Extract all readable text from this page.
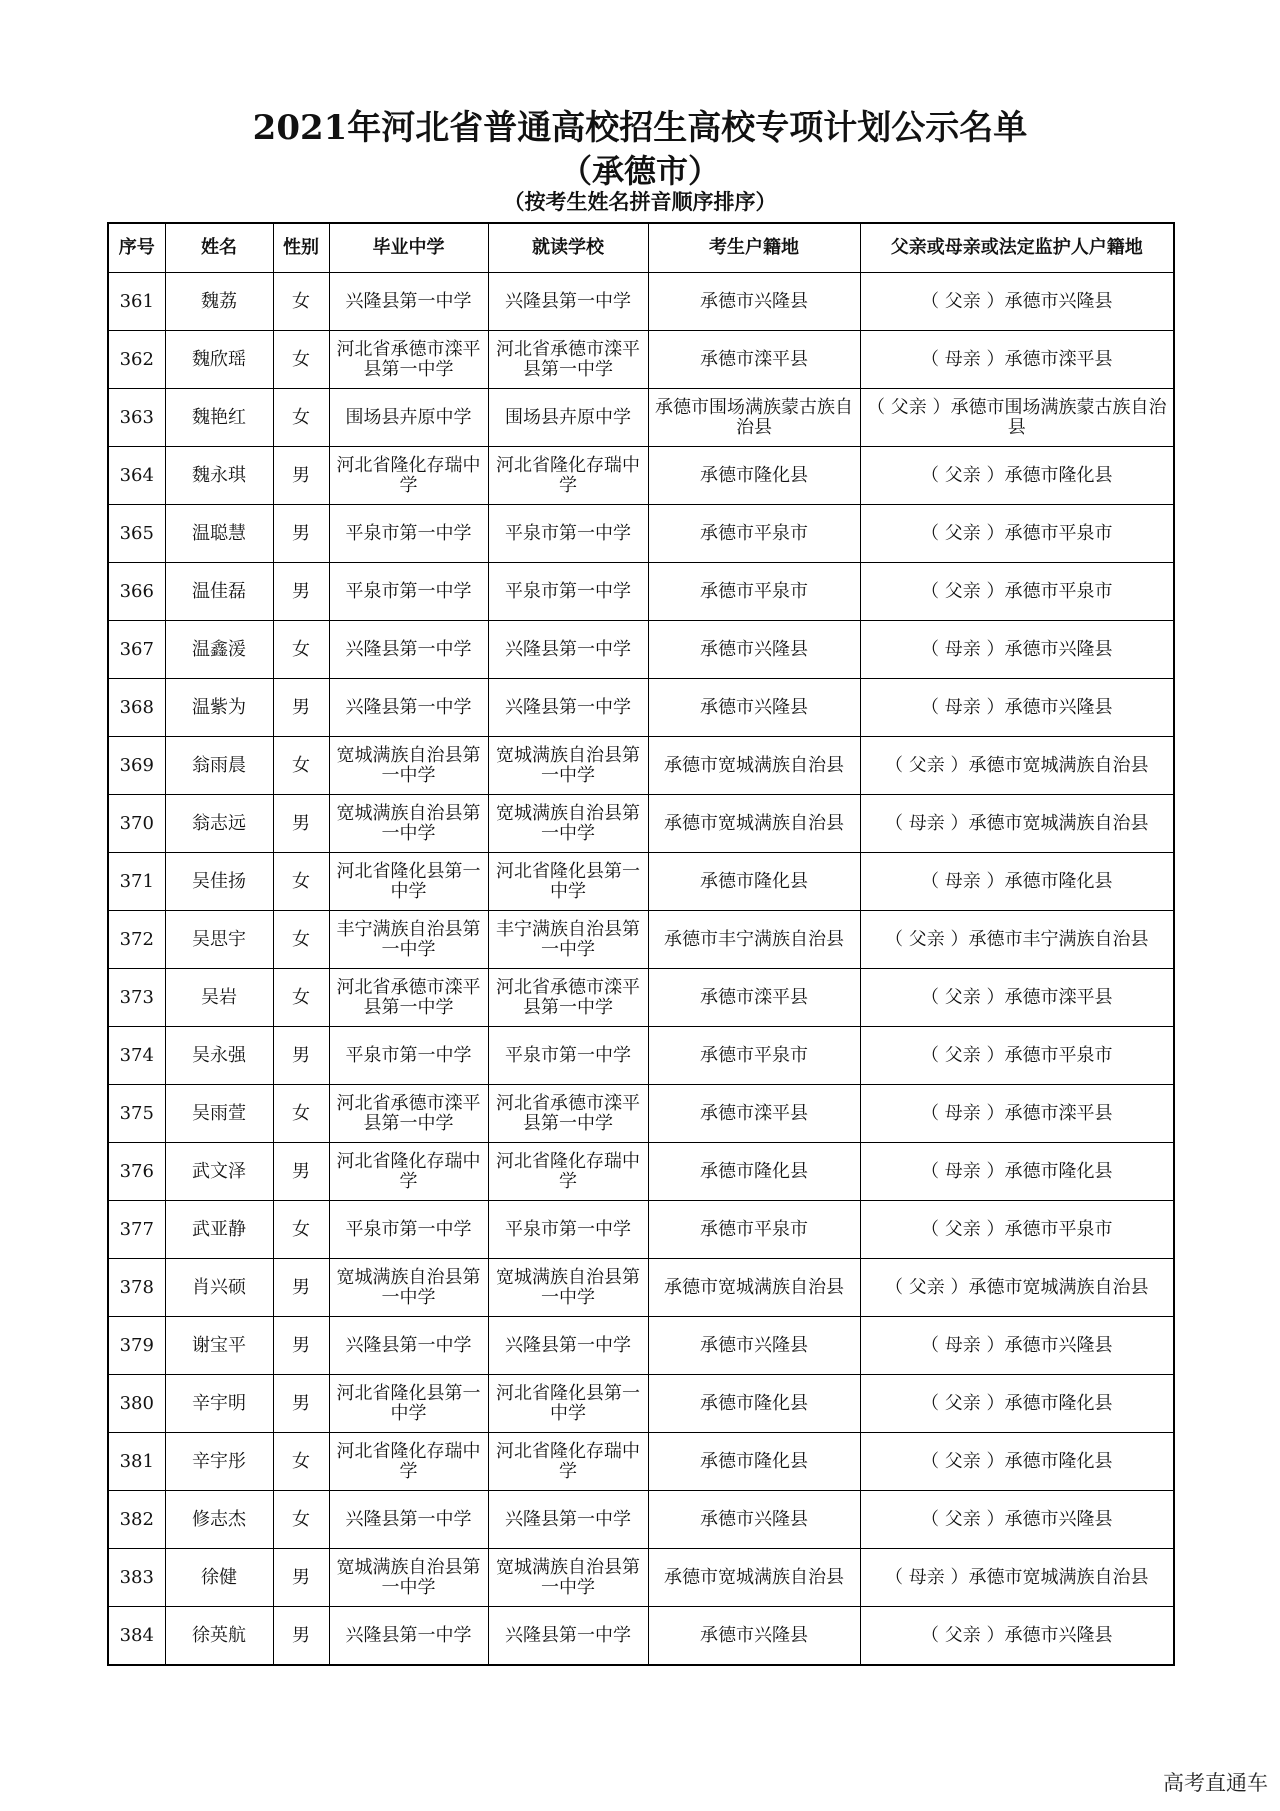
2021年河北省普通高校招生高校专项计划公示名单
（承德市）
（按考生姓名拼音顺序排序）
序号	姓名	性别	毕业中学	就读学校	考生户籍地	父亲或母亲或法定监护人户籍地
361	魏荔	女	兴隆县第一中学	兴隆县第一中学	承德市兴隆县	（ 父亲 ）承德市兴隆县
362	魏欣瑶	女	河北省承德市滦平县第一中学	河北省承德市滦平县第一中学	承德市滦平县	（ 母亲 ）承德市滦平县
363	魏艳红	女	围场县卉原中学	围场县卉原中学	承德市围场满族蒙古族自治县	（ 父亲 ）承德市围场满族蒙古族自治县
364	魏永琪	男	河北省隆化存瑞中学	河北省隆化存瑞中学	承德市隆化县	（ 父亲 ）承德市隆化县
365	温聪慧	男	平泉市第一中学	平泉市第一中学	承德市平泉市	（ 父亲 ）承德市平泉市
366	温佳磊	男	平泉市第一中学	平泉市第一中学	承德市平泉市	（ 父亲 ）承德市平泉市
367	温鑫湲	女	兴隆县第一中学	兴隆县第一中学	承德市兴隆县	（ 母亲 ）承德市兴隆县
368	温紫为	男	兴隆县第一中学	兴隆县第一中学	承德市兴隆县	（ 母亲 ）承德市兴隆县
369	翁雨晨	女	宽城满族自治县第一中学	宽城满族自治县第一中学	承德市宽城满族自治县	（ 父亲 ）承德市宽城满族自治县
370	翁志远	男	宽城满族自治县第一中学	宽城满族自治县第一中学	承德市宽城满族自治县	（ 母亲 ）承德市宽城满族自治县
371	吴佳扬	女	河北省隆化县第一中学	河北省隆化县第一中学	承德市隆化县	（ 母亲 ）承德市隆化县
372	吴思宇	女	丰宁满族自治县第一中学	丰宁满族自治县第一中学	承德市丰宁满族自治县	（ 父亲 ）承德市丰宁满族自治县
373	吴岩	女	河北省承德市滦平县第一中学	河北省承德市滦平县第一中学	承德市滦平县	（ 父亲 ）承德市滦平县
374	吴永强	男	平泉市第一中学	平泉市第一中学	承德市平泉市	（ 父亲 ）承德市平泉市
375	吴雨萱	女	河北省承德市滦平县第一中学	河北省承德市滦平县第一中学	承德市滦平县	（ 母亲 ）承德市滦平县
376	武文泽	男	河北省隆化存瑞中学	河北省隆化存瑞中学	承德市隆化县	（ 母亲 ）承德市隆化县
377	武亚静	女	平泉市第一中学	平泉市第一中学	承德市平泉市	（ 父亲 ）承德市平泉市
378	肖兴硕	男	宽城满族自治县第一中学	宽城满族自治县第一中学	承德市宽城满族自治县	（ 父亲 ）承德市宽城满族自治县
379	谢宝平	男	兴隆县第一中学	兴隆县第一中学	承德市兴隆县	（ 母亲 ）承德市兴隆县
380	辛宇明	男	河北省隆化县第一中学	河北省隆化县第一中学	承德市隆化县	（ 父亲 ）承德市隆化县
381	辛宇彤	女	河北省隆化存瑞中学	河北省隆化存瑞中学	承德市隆化县	（ 父亲 ）承德市隆化县
382	修志杰	女	兴隆县第一中学	兴隆县第一中学	承德市兴隆县	（ 父亲 ）承德市兴隆县
383	徐健	男	宽城满族自治县第一中学	宽城满族自治县第一中学	承德市宽城满族自治县	（ 母亲 ）承德市宽城满族自治县
384	徐英航	男	兴隆县第一中学	兴隆县第一中学	承德市兴隆县	（ 父亲 ）承德市兴隆县
高考直通车
